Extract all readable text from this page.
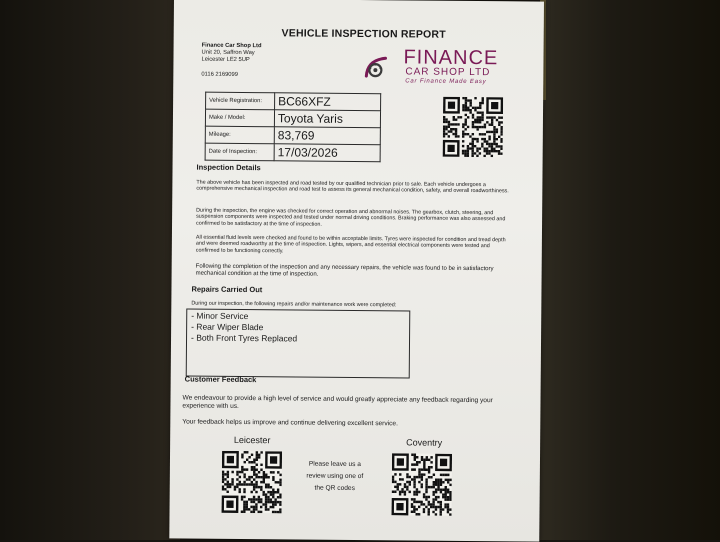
VEHICLE INSPECTION REPORT
Finance Car Shop Ltd
Unit 20, Saffron Way
Leicester LE2 5UP
0116 2169099
FINANCE
CAR SHOP LTD
Car Finance Made Easy
Vehicle Registration:	BC66XFZ
Make / Model:	Toyota Yaris
Mileage:	83,769
Date of Inspection:	17/03/2026
Inspection Details
The above vehicle has been inspected and road tested by our qualified technician prior to sale. Each vehicle undergoes a comprehensive mechanical inspection and road test to assess its general mechanical condition, safety, and overall roadworthiness.
During the inspection, the engine was checked for correct operation and abnormal noises. The gearbox, clutch, steering, and suspension components were inspected and tested under normal driving conditions. Braking performance was also assessed and confirmed to be satisfactory at the time of inspection.
All essential fluid levels were checked and found to be within acceptable limits. Tyres were inspected for condition and tread depth and were deemed roadworthy at the time of inspection. Lights, wipers, and essential electrical components were tested and confirmed to be functioning correctly.
Following the completion of the inspection and any necessary repairs, the vehicle was found to be in satisfactory mechanical condition at the time of inspection.
Repairs Carried Out
During our inspection, the following repairs and/or maintenance work were completed:
- Minor Service
- Rear Wiper Blade
- Both Front Tyres Replaced
Customer Feedback
We endeavour to provide a high level of service and would greatly appreciate any feedback regarding your experience with us.
Your feedback helps us improve and continue delivering excellent service.
Leicester	Coventry
Please leave us a review using one of the QR codes
